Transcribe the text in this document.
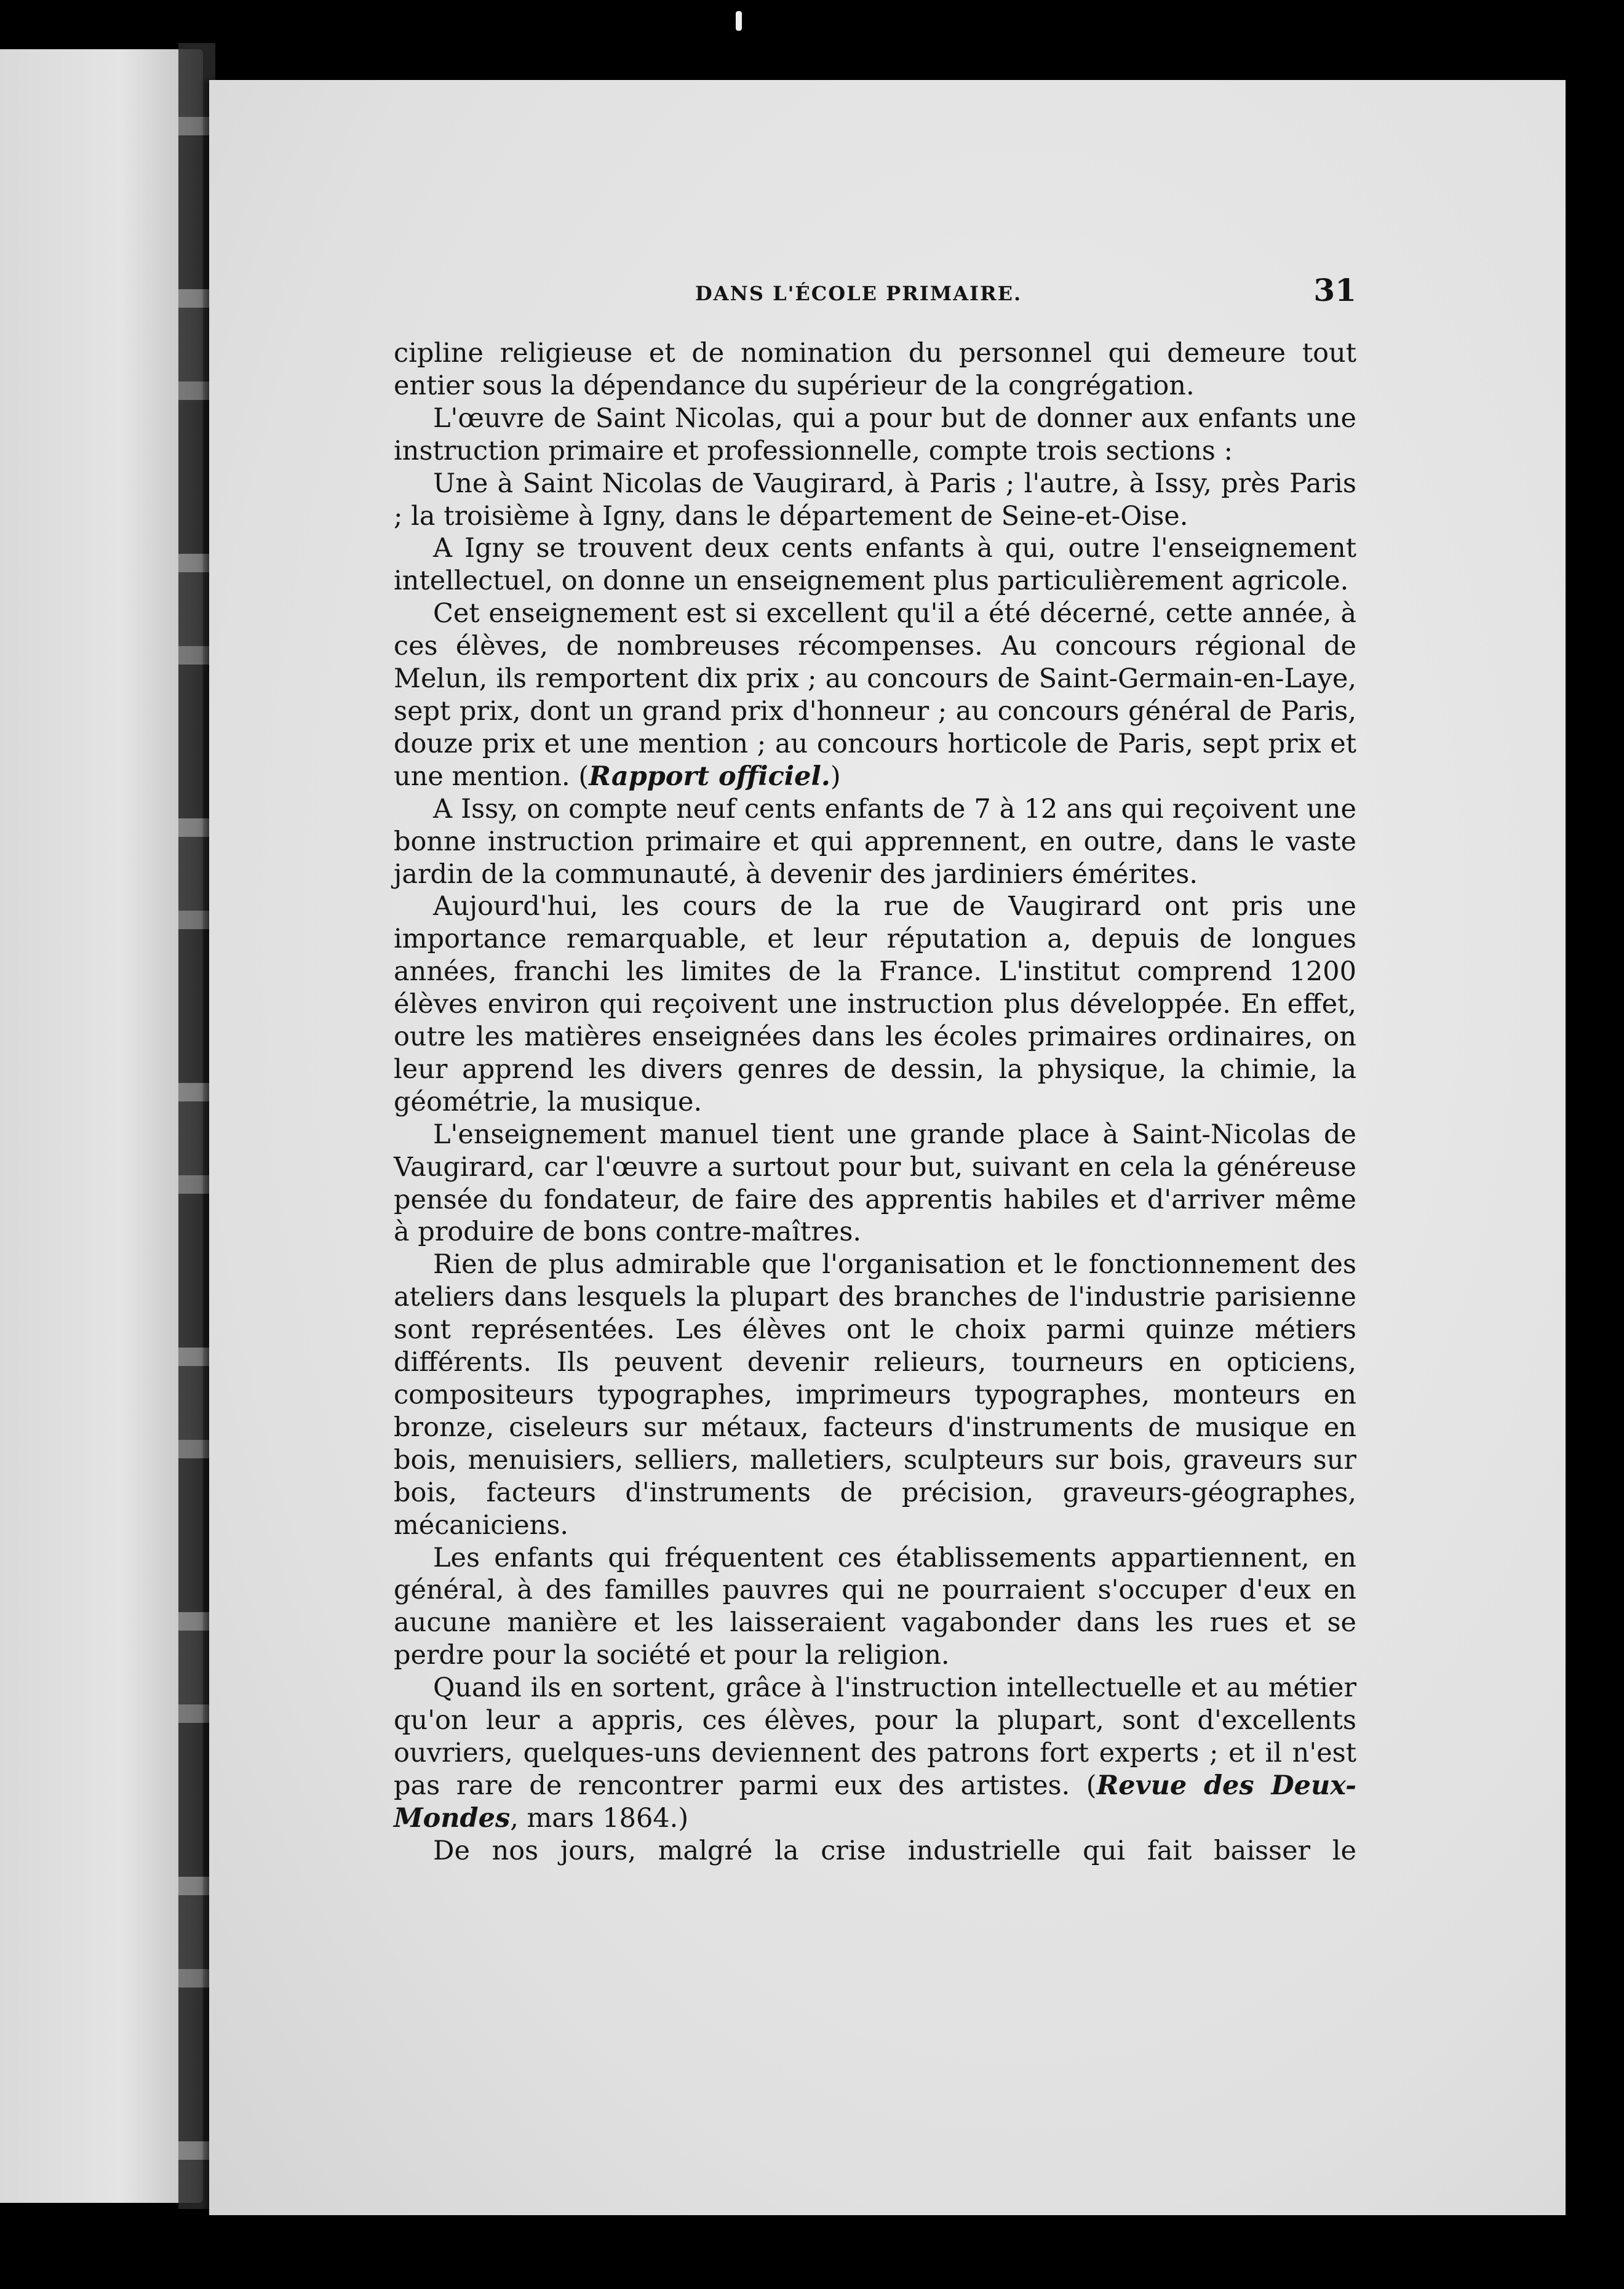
DANS L'ÉCOLE PRIMAIRE.	31

cipline religieuse et de nomination du personnel qui demeure tout entier sous la dépendance du supérieur de la congrégation.

L'œuvre de Saint Nicolas, qui a pour but de donner aux enfants une instruction primaire et professionnelle, compte trois sections :

Une à Saint Nicolas de Vaugirard, à Paris ; l'autre, à Issy, près Paris ; la troisième à Igny, dans le département de Seine-et-Oise.

A Igny se trouvent deux cents enfants à qui, outre l'enseignement intellectuel, on donne un enseignement plus particulièrement agricole.

Cet enseignement est si excellent qu'il a été décerné, cette année, à ces élèves, de nombreuses récompenses. Au concours régional de Melun, ils remportent dix prix ; au concours de Saint-Germain-en-Laye, sept prix, dont un grand prix d'honneur ; au concours général de Paris, douze prix et une mention ; au concours horticole de Paris, sept prix et une mention. (Rapport officiel.)

A Issy, on compte neuf cents enfants de 7 à 12 ans qui reçoivent une bonne instruction primaire et qui apprennent, en outre, dans le vaste jardin de la communauté, à devenir des jardiniers émérites.

Aujourd'hui, les cours de la rue de Vaugirard ont pris une importance remarquable, et leur réputation a, depuis de longues années, franchi les limites de la France. L'institut comprend 1200 élèves environ qui reçoivent une instruction plus développée. En effet, outre les matières enseignées dans les écoles primaires ordinaires, on leur apprend les divers genres de dessin, la physique, la chimie, la géométrie, la musique.

L'enseignement manuel tient une grande place à Saint-Nicolas de Vaugirard, car l'œuvre a surtout pour but, suivant en cela la généreuse pensée du fondateur, de faire des apprentis habiles et d'arriver même à produire de bons contre-maîtres.

Rien de plus admirable que l'organisation et le fonctionnement des ateliers dans lesquels la plupart des branches de l'industrie parisienne sont représentées. Les élèves ont le choix parmi quinze métiers différents. Ils peuvent devenir relieurs, tourneurs en opticiens, compositeurs typographes, imprimeurs typographes, monteurs en bronze, ciseleurs sur métaux, facteurs d'instruments de musique en bois, menuisiers, selliers, malletiers, sculpteurs sur bois, graveurs sur bois, facteurs d'instruments de précision, graveurs-géographes, mécaniciens.

Les enfants qui fréquentent ces établissements appartiennent, en général, à des familles pauvres qui ne pourraient s'occuper d'eux en aucune manière et les laisseraient vagabonder dans les rues et se perdre pour la société et pour la religion.

Quand ils en sortent, grâce à l'instruction intellectuelle et au métier qu'on leur a appris, ces élèves, pour la plupart, sont d'excellents ouvriers, quelques-uns deviennent des patrons fort experts ; et il n'est pas rare de rencontrer parmi eux des artistes. (Revue des Deux-Mondes, mars 1864.)

De nos jours, malgré la crise industrielle qui fait baisser le
